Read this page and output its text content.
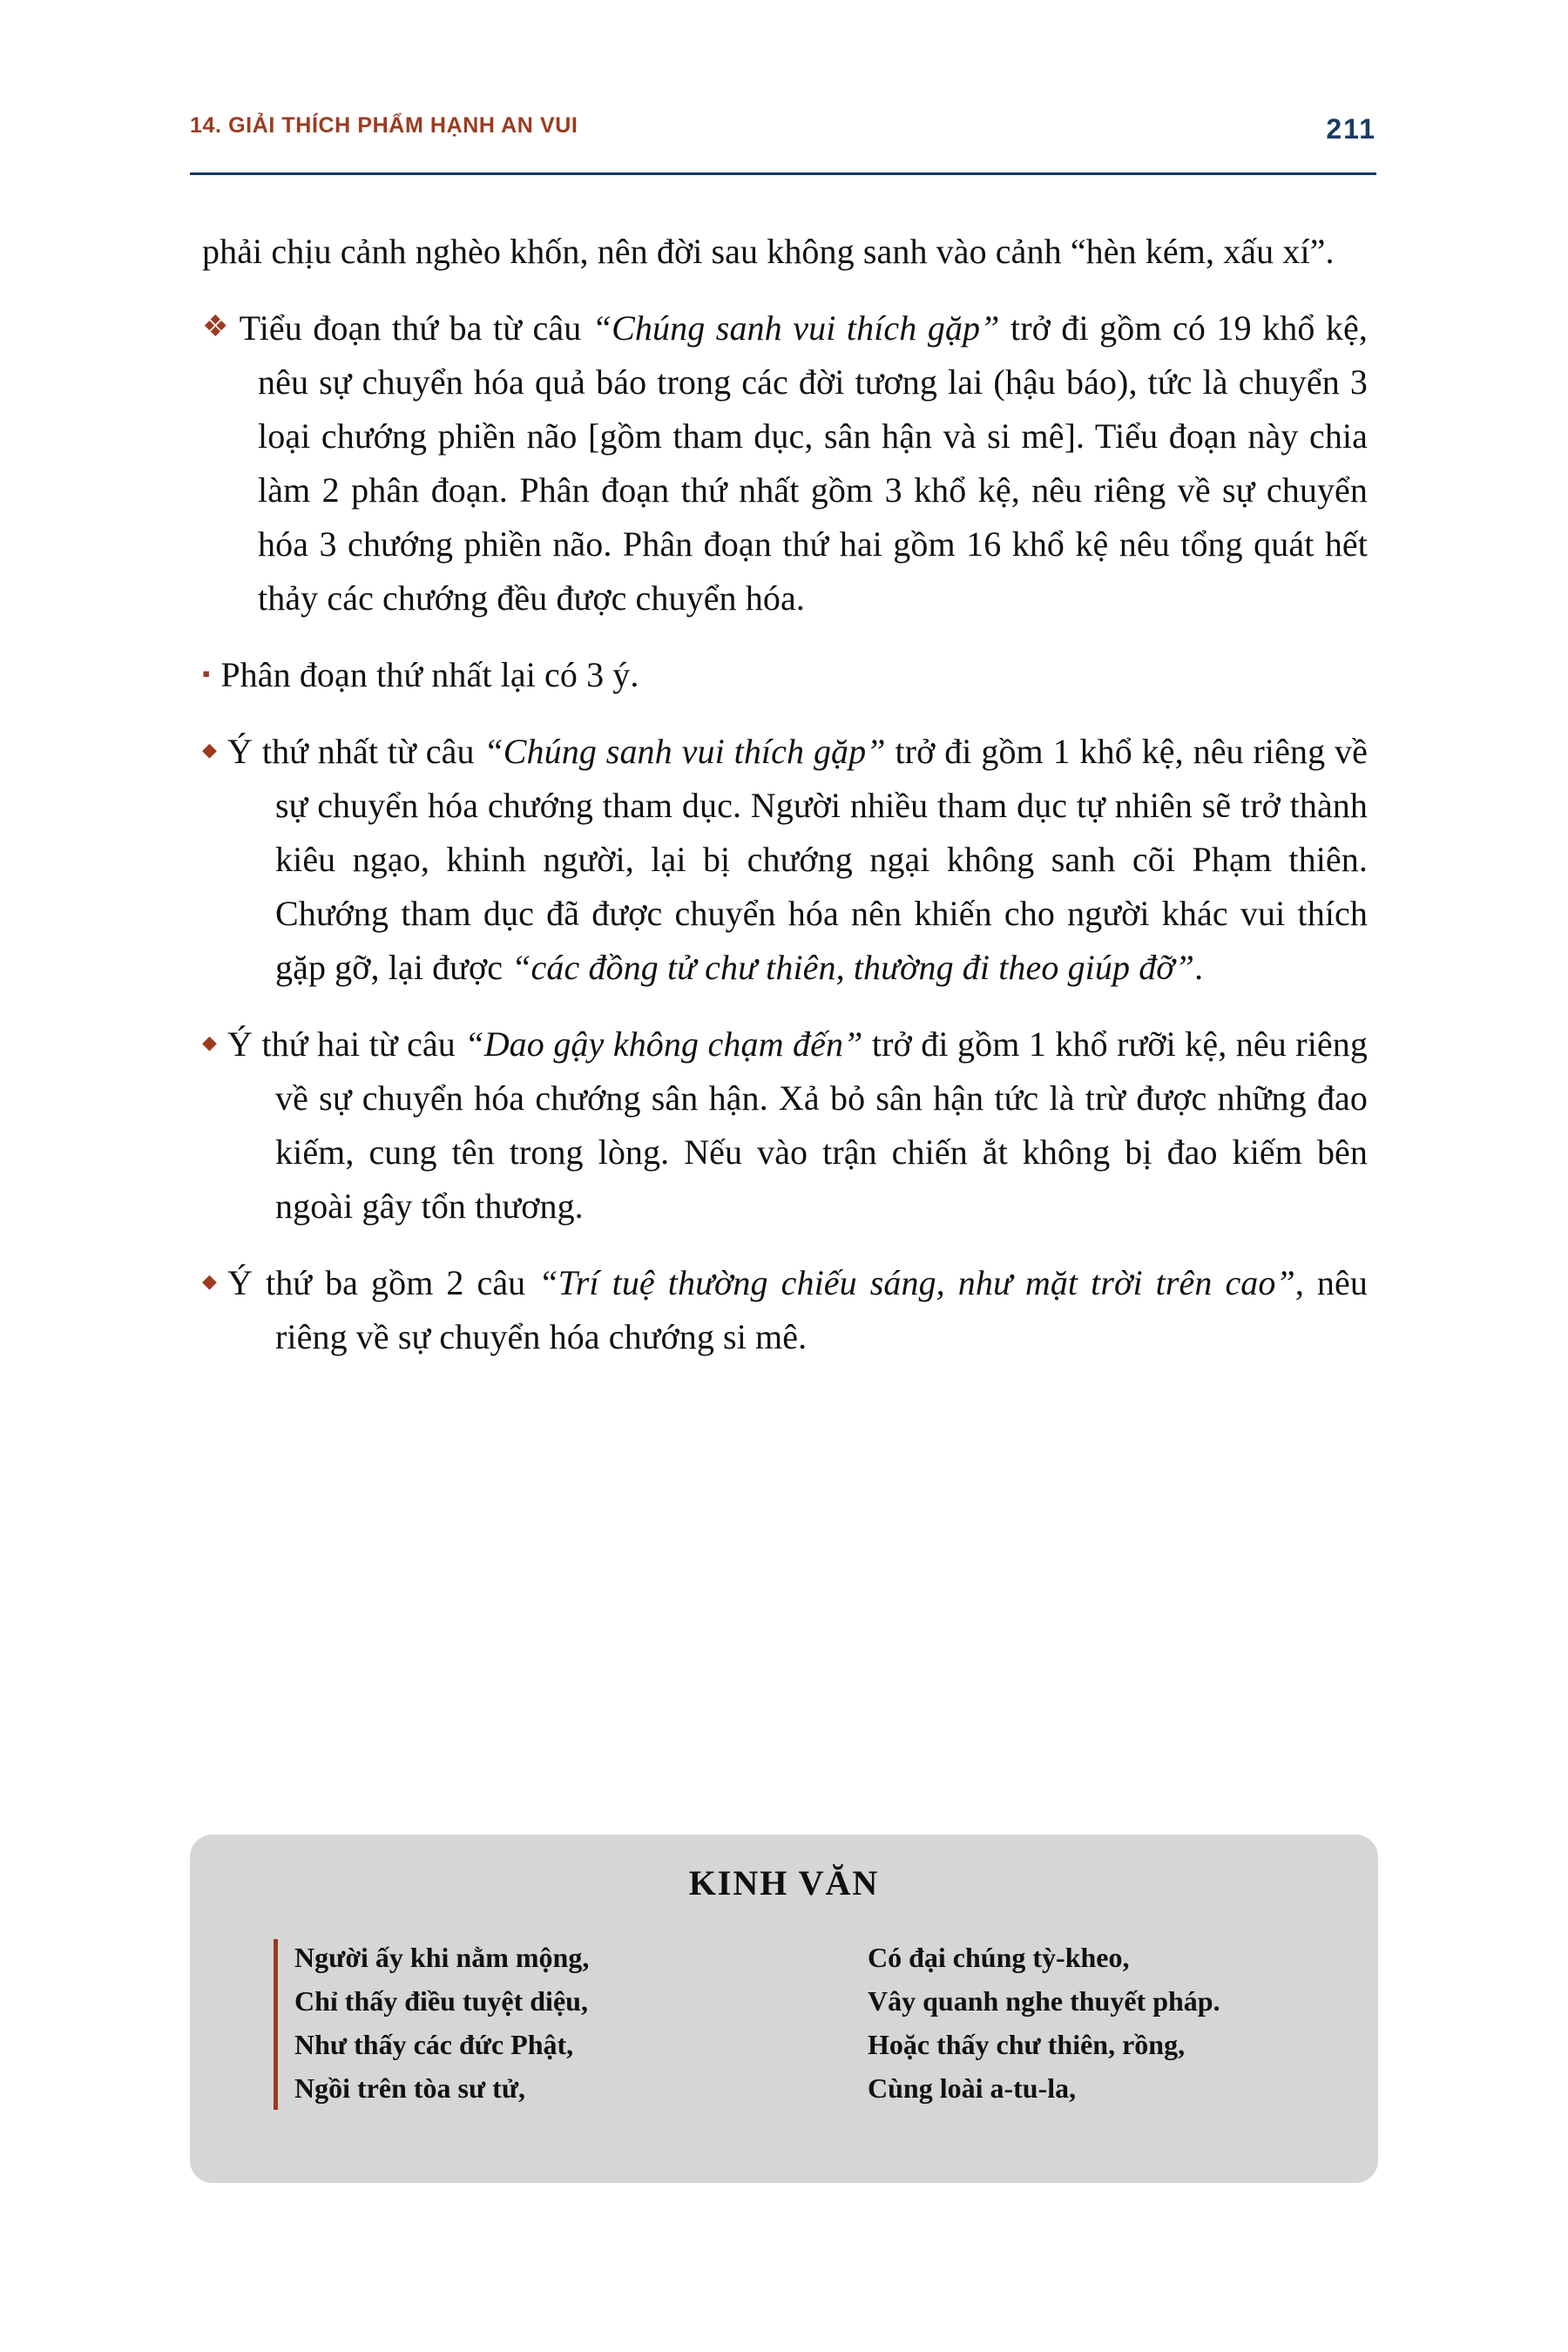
14. GIẢI THÍCH PHẨM HẠNH AN VUI	211

phải chịu cảnh nghèo khốn, nên đời sau không sanh vào cảnh “hèn kém, xấu xí”.

❖ Tiểu đoạn thứ ba từ câu “Chúng sanh vui thích gặp” trở đi gồm có 19 khổ kệ, nêu sự chuyển hóa quả báo trong các đời tương lai (hậu báo), tức là chuyển 3 loại chướng phiền não [gồm tham dục, sân hận và si mê]. Tiểu đoạn này chia làm 2 phân đoạn. Phân đoạn thứ nhất gồm 3 khổ kệ, nêu riêng về sự chuyển hóa 3 chướng phiền não. Phân đoạn thứ hai gồm 16 khổ kệ nêu tổng quát hết thảy các chướng đều được chuyển hóa.

▪ Phân đoạn thứ nhất lại có 3 ý.

◆ Ý thứ nhất từ câu “Chúng sanh vui thích gặp” trở đi gồm 1 khổ kệ, nêu riêng về sự chuyển hóa chướng tham dục. Người nhiều tham dục tự nhiên sẽ trở thành kiêu ngạo, khinh người, lại bị chướng ngại không sanh cõi Phạm thiên. Chướng tham dục đã được chuyển hóa nên khiến cho người khác vui thích gặp gỡ, lại được “các đồng tử chư thiên, thường đi theo giúp đỡ”.

◆ Ý thứ hai từ câu “Dao gậy không chạm đến” trở đi gồm 1 khổ rưỡi kệ, nêu riêng về sự chuyển hóa chướng sân hận. Xả bỏ sân hận tức là trừ được những đao kiếm, cung tên trong lòng. Nếu vào trận chiến ắt không bị đao kiếm bên ngoài gây tổn thương.

◆ Ý thứ ba gồm 2 câu “Trí tuệ thường chiếu sáng, như mặt trời trên cao”, nêu riêng về sự chuyển hóa chướng si mê.

KINH VĂN
Người ấy khi nằm mộng,
Chỉ thấy điều tuyệt diệu,
Như thấy các đức Phật,
Ngồi trên tòa sư tử,
Có đại chúng tỳ-kheo,
Vây quanh nghe thuyết pháp.
Hoặc thấy chư thiên, rồng,
Cùng loài a-tu-la,
